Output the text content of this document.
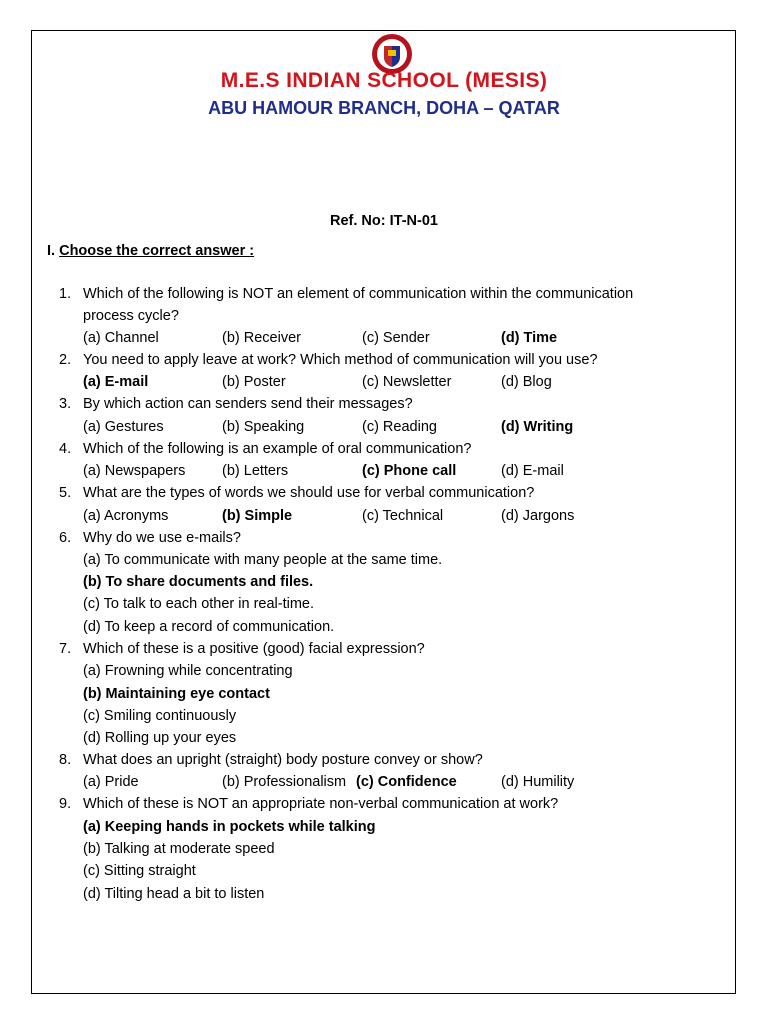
M.E.S INDIAN SCHOOL (MESIS)
ABU HAMOUR BRANCH, DOHA – QATAR
Ref. No: IT-N-01
I. Choose the correct answer :
1. Which of the following is NOT an element of communication within the communication
process cycle?
(a) Channel	(b) Receiver	(c) Sender	(d) Time
2. You need to apply leave at work? Which method of communication will you use?
(a) E-mail	(b) Poster	(c) Newsletter	(d) Blog
3. By which action can senders send their messages?
(a) Gestures	(b) Speaking	(c) Reading	(d) Writing
4. Which of the following is an example of oral communication?
(a) Newspapers	(b) Letters	(c) Phone call	(d) E-mail
5. What are the types of words we should use for verbal communication?
(a) Acronyms	(b) Simple	(c) Technical	(d) Jargons
6. Why do we use e-mails?
(a) To communicate with many people at the same time.
(b) To share documents and files.
(c) To talk to each other in real-time.
(d) To keep a record of communication.
7. Which of these is a positive (good) facial expression?
(a) Frowning while concentrating
(b) Maintaining eye contact
(c) Smiling continuously
(d) Rolling up your eyes
8. What does an upright (straight) body posture convey or show?
(a) Pride	(b) Professionalism (c) Confidence	(d) Humility
9. Which of these is NOT an appropriate non-verbal communication at work?
(a) Keeping hands in pockets while talking
(b) Talking at moderate speed
(c) Sitting straight
(d) Tilting head a bit to listen
